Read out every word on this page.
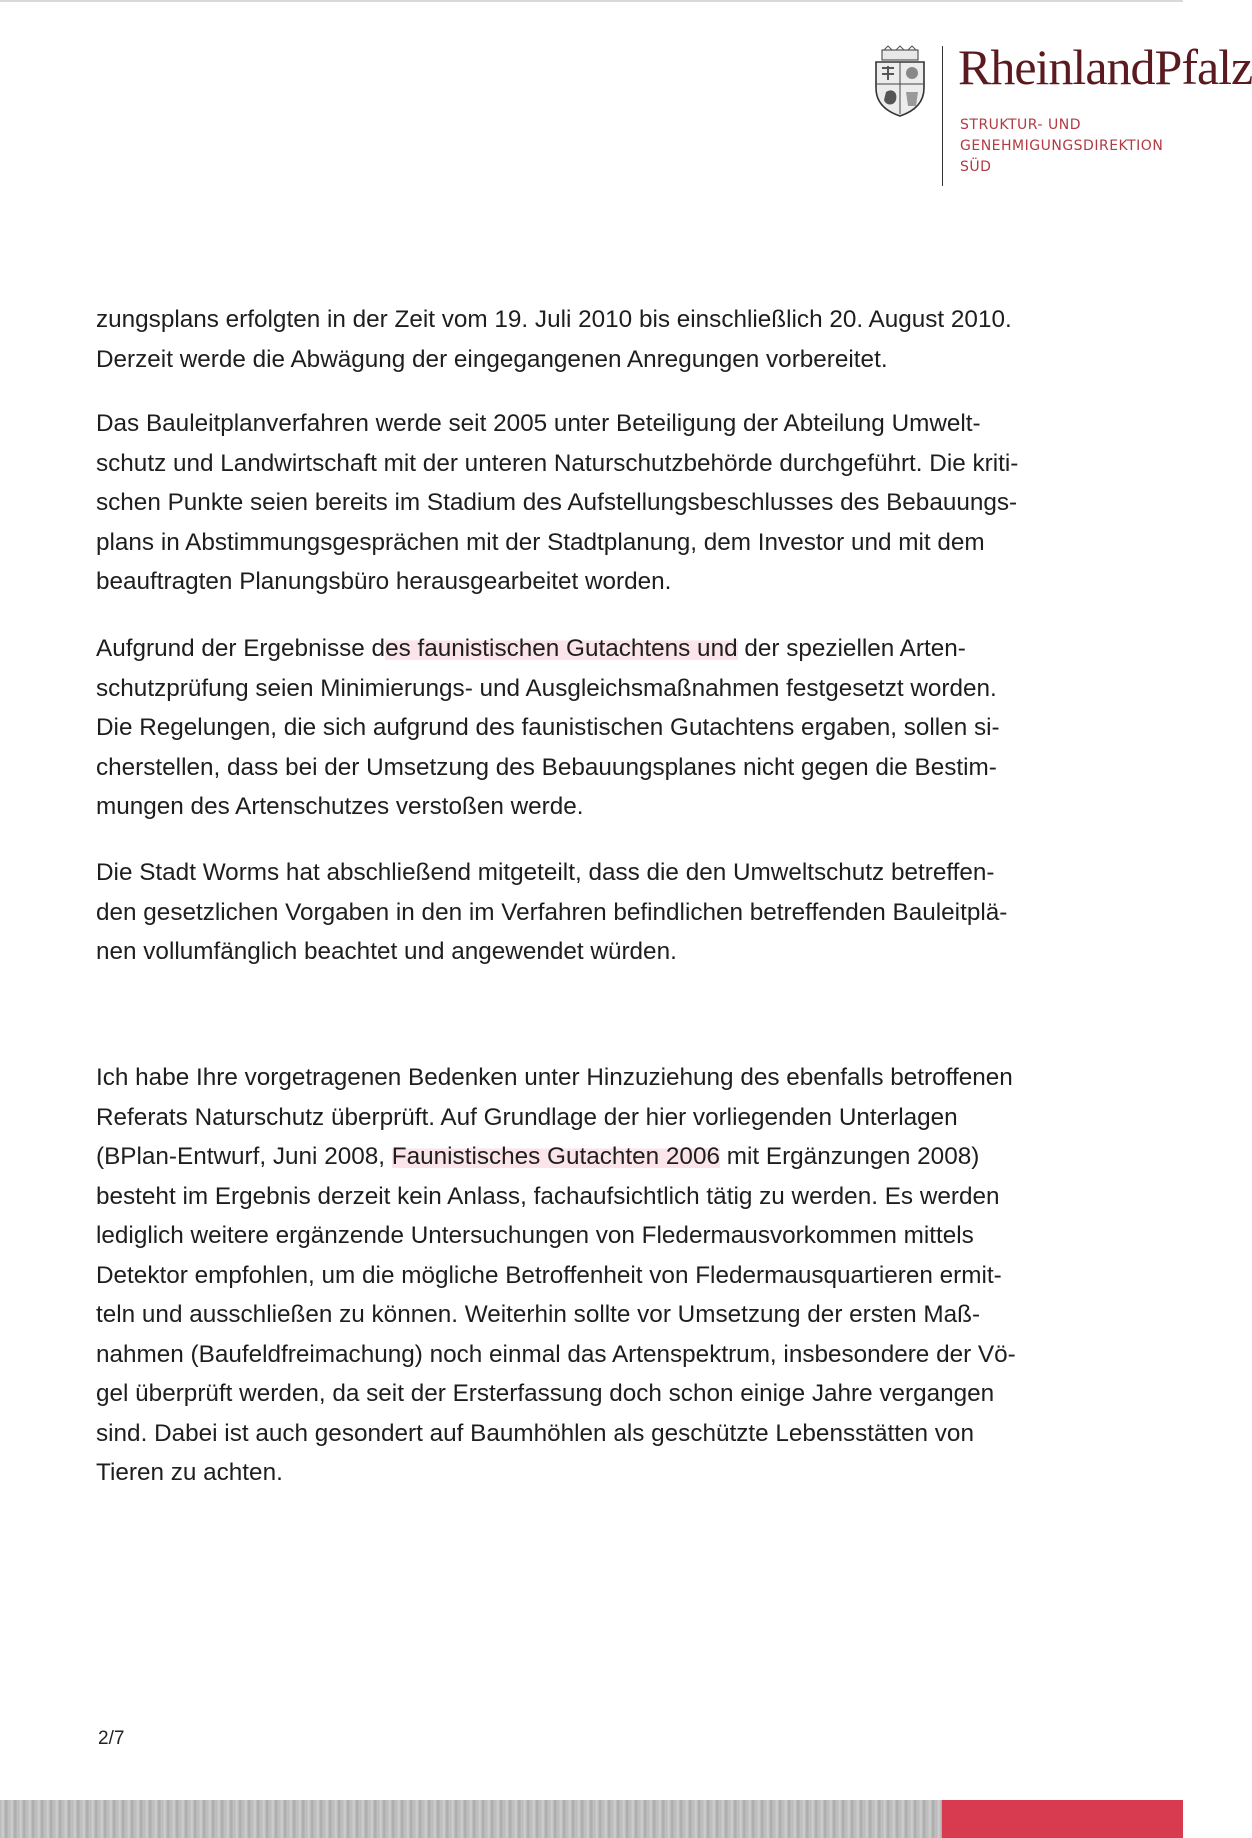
RheinlandPfalz
STRUKTUR- UND
GENEHMIGUNGSDIREKTION
SÜD

zungsplans erfolgten in der Zeit vom 19. Juli 2010 bis einschließlich 20. August 2010.

Derzeit werde die Abwägung der eingegangenen Anregungen vorbereitet.

Das Bauleitplanverfahren werde seit 2005 unter Beteiligung der Abteilung Umwelt-

schutz und Landwirtschaft mit der unteren Naturschutzbehörde durchgeführt. Die kriti-

schen Punkte seien bereits im Stadium des Aufstellungsbeschlusses des Bebauungs-

plans in Abstimmungsgesprächen mit der Stadtplanung, dem Investor und mit dem

beauftragten Planungsbüro herausgearbeitet worden.

Aufgrund der Ergebnisse des faunistischen Gutachtens und der speziellen Arten-

schutzprüfung seien Minimierungs- und Ausgleichsmaßnahmen festgesetzt worden.

Die Regelungen, die sich aufgrund des faunistischen Gutachtens ergaben, sollen si-

cherstellen, dass bei der Umsetzung des Bebauungsplanes nicht gegen die Bestim-

mungen des Artenschutzes verstoßen werde.

Die Stadt Worms hat abschließend mitgeteilt, dass die den Umweltschutz betreffen-

den gesetzlichen Vorgaben in den im Verfahren befindlichen betreffenden Bauleitplä-

nen vollumfänglich beachtet und angewendet würden.

Ich habe Ihre vorgetragenen Bedenken unter Hinzuziehung des ebenfalls betroffenen

Referats Naturschutz überprüft. Auf Grundlage der hier vorliegenden Unterlagen

(BPlan-Entwurf, Juni 2008, Faunistisches Gutachten 2006 mit Ergänzungen 2008)

besteht im Ergebnis derzeit kein Anlass, fachaufsichtlich tätig zu werden. Es werden

lediglich weitere ergänzende Untersuchungen von Fledermausvorkommen mittels

Detektor empfohlen, um die mögliche Betroffenheit von Fledermausquartieren ermit-

teln und ausschließen zu können. Weiterhin sollte vor Umsetzung der ersten Maß-

nahmen (Baufeldfreimachung) noch einmal das Artenspektrum, insbesondere der Vö-

gel überprüft werden, da seit der Ersterfassung doch schon einige Jahre vergangen

sind. Dabei ist auch gesondert auf Baumhöhlen als geschützte Lebensstätten von

Tieren zu achten.

2/7
